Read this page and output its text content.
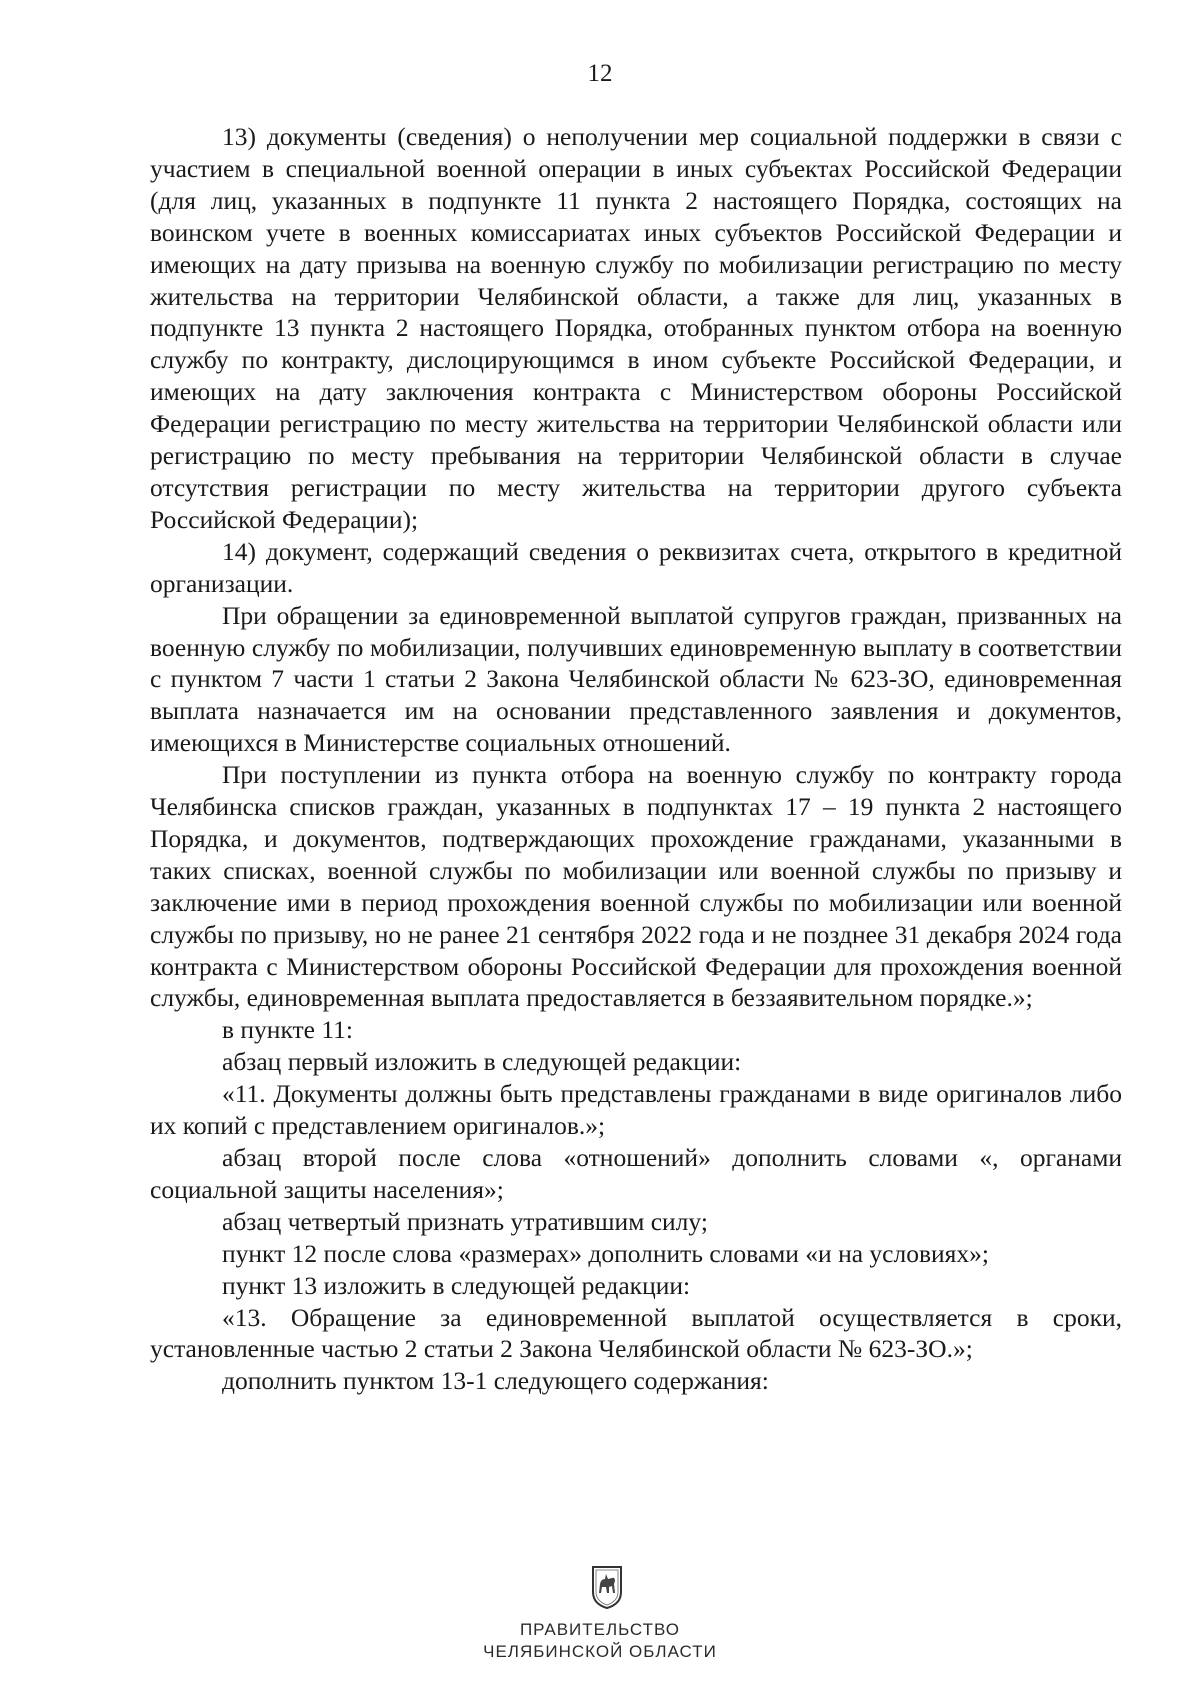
12

13) документы (сведения) о неполучении мер социальной поддержки в связи с участием в специальной военной операции в иных субъектах Российской Федерации (для лиц, указанных в подпункте 11 пункта 2 настоящего Порядка, состоящих на воинском учете в военных комиссариатах иных субъектов Российской Федерации и имеющих на дату призыва на военную службу по мобилизации регистрацию по месту жительства на территории Челябинской области, а также для лиц, указанных в подпункте 13 пункта 2 настоящего Порядка, отобранных пунктом отбора на военную службу по контракту, дислоцирующимся в ином субъекте Российской Федерации, и имеющих на дату заключения контракта с Министерством обороны Российской Федерации регистрацию по месту жительства на территории Челябинской области или регистрацию по месту пребывания на территории Челябинской области в случае отсутствия регистрации по месту жительства на территории другого субъекта Российской Федерации);

14) документ, содержащий сведения о реквизитах счета, открытого в кредитной организации.

При обращении за единовременной выплатой супругов граждан, призванных на военную службу по мобилизации, получивших единовременную выплату в соответствии с пунктом 7 части 1 статьи 2 Закона Челябинской области № 623-ЗО, единовременная выплата назначается им на основании представленного заявления и документов, имеющихся в Министерстве социальных отношений.

При поступлении из пункта отбора на военную службу по контракту города Челябинска списков граждан, указанных в подпунктах 17 – 19 пункта 2 настоящего Порядка, и документов, подтверждающих прохождение гражданами, указанными в таких списках, военной службы по мобилизации или военной службы по призыву и заключение ими в период прохождения военной службы по мобилизации или военной службы по призыву, но не ранее 21 сентября 2022 года и не позднее 31 декабря 2024 года контракта с Министерством обороны Российской Федерации для прохождения военной службы, единовременная выплата предоставляется в беззаявительном порядке.»;

в пункте 11:

абзац первый изложить в следующей редакции:

«11. Документы должны быть представлены гражданами в виде оригиналов либо их копий с представлением оригиналов.»;

абзац второй после слова «отношений» дополнить словами «, органами социальной защиты населения»;

абзац четвертый признать утратившим силу;

пункт 12 после слова «размерах» дополнить словами «и на условиях»;

пункт 13 изложить в следующей редакции:

«13. Обращение за единовременной выплатой осуществляется в сроки, установленные частью 2 статьи 2 Закона Челябинской области № 623-ЗО.»;

дополнить пунктом 13-1 следующего содержания:

ПРАВИТЕЛЬСТВО
ЧЕЛЯБИНСКОЙ ОБЛАСТИ
